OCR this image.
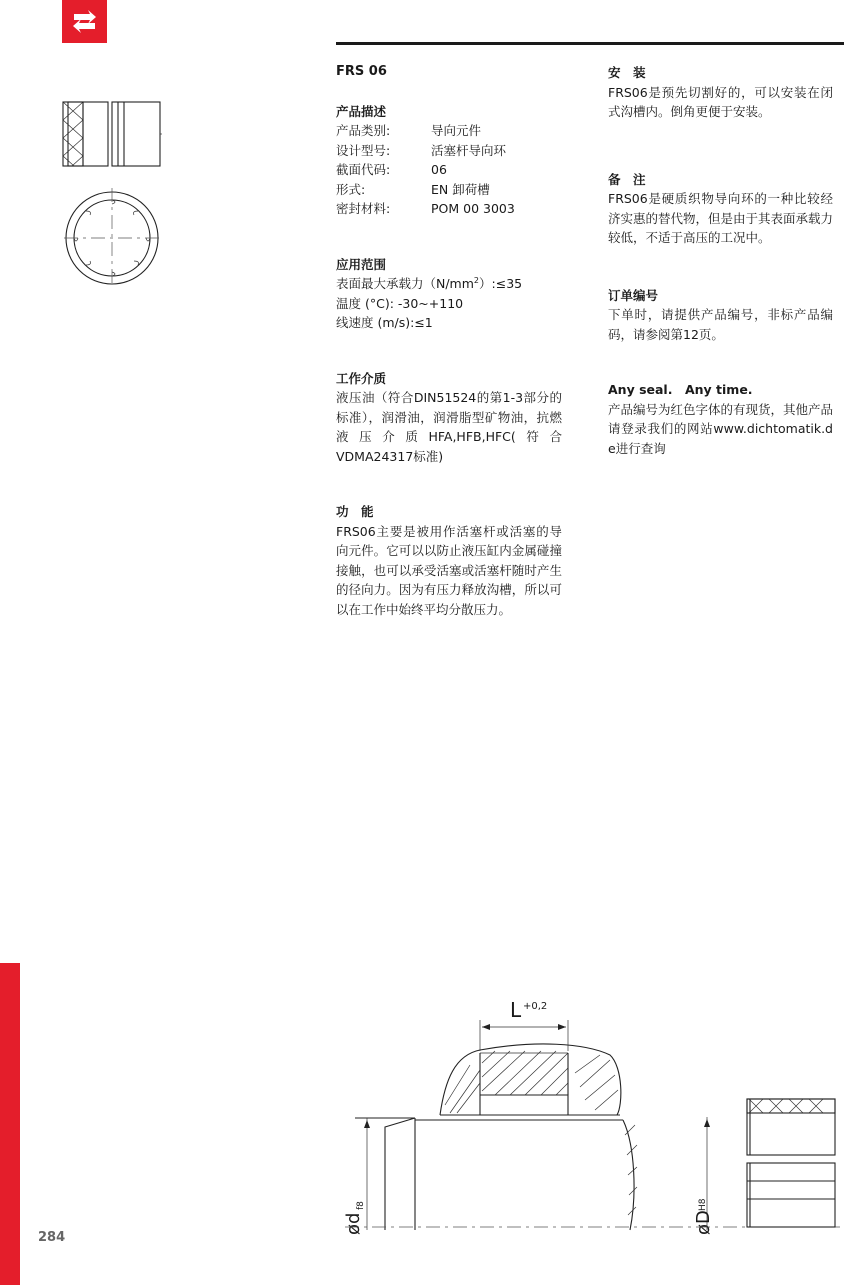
FRS 06
产品描述
产品类别:	导向元件
设计型号:	活塞杆导向环
截面代码:	06
形式:	EN 卸荷槽
密封材料:	POM 00 3003
应用范围
表面最大承载力$(N/mm^2):\le 35$
温度 (°C): -30~+110
线速度 (m/s):≤1
工作介质
液压油（符合DIN51524的第1-3部分的标准），润滑油，润滑脂型矿物油，抗燃液压介质HFA,HFB,HFC(符合VDMA24317标准)
功　能
FRS06主要是被用作活塞杆或活塞的导向元件。它可以以防止液压缸内金属碰撞接触，也可以承受活塞或活塞杆随时产生的径向力。因为有压力释放沟槽，所以可以在工作中始终平均分散压力。
安　装
FRS06是预先切割好的，可以安装在闭式沟槽内。倒角更便于安装。
备　注
FRS06是硬质织物导向环的一种比较经济实惠的替代物，但是由于其表面承载力较低，不适于高压的工况中。
订单编号
下单时，请提供产品编号，非标产品编码，请参阅第12页。
Any seal.　Any time.
产品编号为红色字体的有现货，其他产品请登录我们的网站www.dichtomatik.de进行查询
L +0,2
ød
f8
øD
H8
284
